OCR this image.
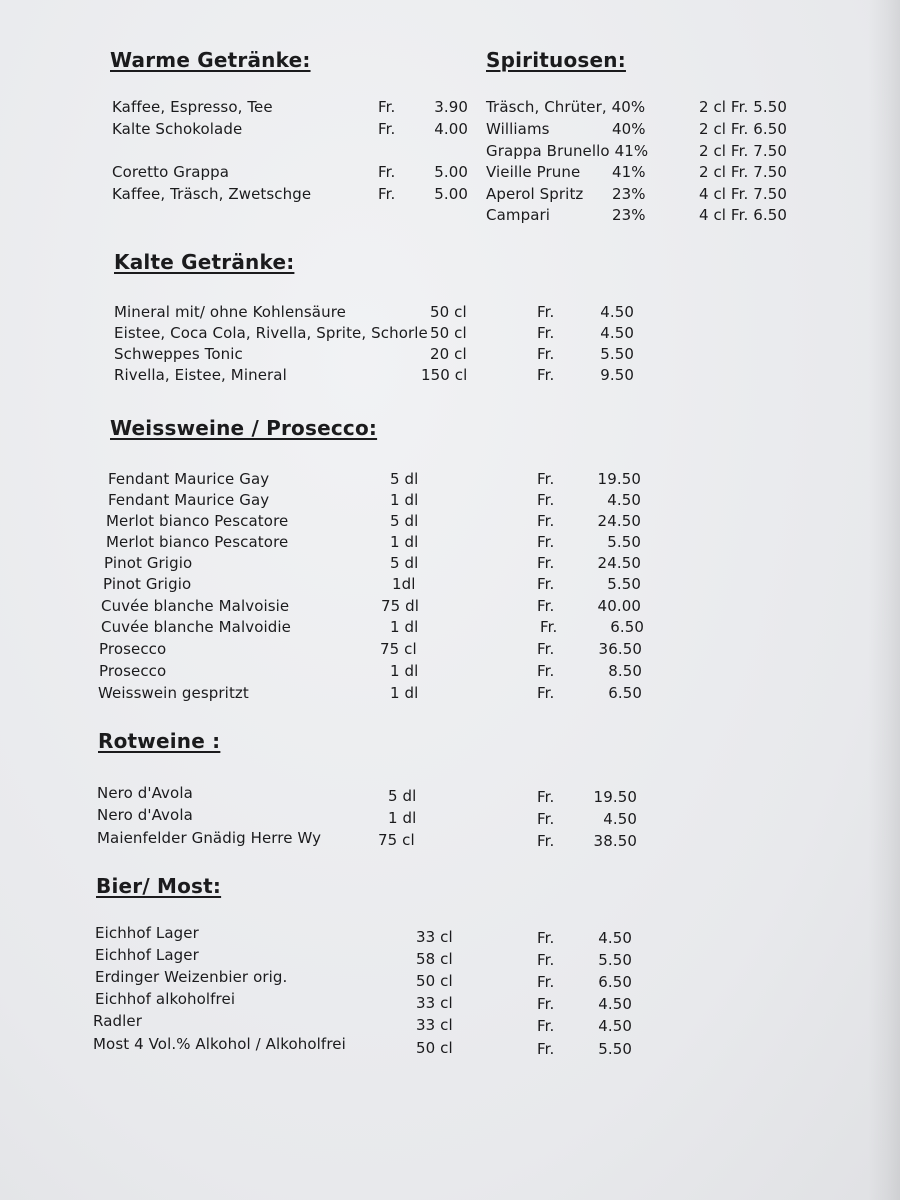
Warme Getränke:
Kaffee, Espresso, Tee	Fr.	3.90
Kalte Schokolade	Fr.	4.00
Coretto Grappa	Fr.	5.00
Kaffee, Träsch, Zwetschge	Fr.	5.00
Spirituosen:
Träsch, Chrüter, 40%	2 cl Fr. 5.50
Williams	40%	2 cl Fr. 6.50
Grappa Brunello 41%	2 cl Fr. 7.50
Vieille Prune 41%	2 cl Fr. 7.50
Aperol Spritz 23%	4 cl Fr. 7.50
Campari	23%	4 cl Fr. 6.50
Kalte Getränke:
Mineral mit/ ohne Kohlensäure	50 cl	Fr.	4.50
Eistee, Coca Cola, Rivella, Sprite, Schorle 50 cl	Fr.	4.50
Schweppes Tonic	20 cl	Fr.	5.50
Rivella, Eistee, Mineral	150 cl	Fr.	9.50
Weissweine / Prosecco:
Fendant Maurice Gay	5 dl	Fr.	19.50
Fendant Maurice Gay	1 dl	Fr.	4.50
Merlot bianco Pescatore	5 dl	Fr.	24.50
Merlot bianco Pescatore	1 dl	Fr.	5.50
Pinot Grigio	5 dl	Fr.	24.50
Pinot Grigio	1dl	Fr.	5.50
Cuvée blanche Malvoisie	75 dl	Fr.	40.00
Cuvée blanche Malvoidie	1 dl	Fr.	6.50
Prosecco	75 cl	Fr.	36.50
Prosecco	1 dl	Fr.	8.50
Weisswein gespritzt	1 dl	Fr.	6.50
Rotweine :
Nero d'Avola	5 dl	Fr.	19.50
Nero d'Avola	1 dl	Fr.	4.50
Maienfelder Gnädig Herre Wy	75 cl	Fr.	38.50
Bier/ Most:
Eichhof Lager	33 cl	Fr.	4.50
Eichhof Lager	58 cl	Fr.	5.50
Erdinger Weizenbier orig.	50 cl	Fr.	6.50
Eichhof alkoholfrei	33 cl	Fr.	4.50
Radler	33 cl	Fr.	4.50
Most 4 Vol.% Alkohol / Alkoholfrei	50 cl	Fr.	5.50
